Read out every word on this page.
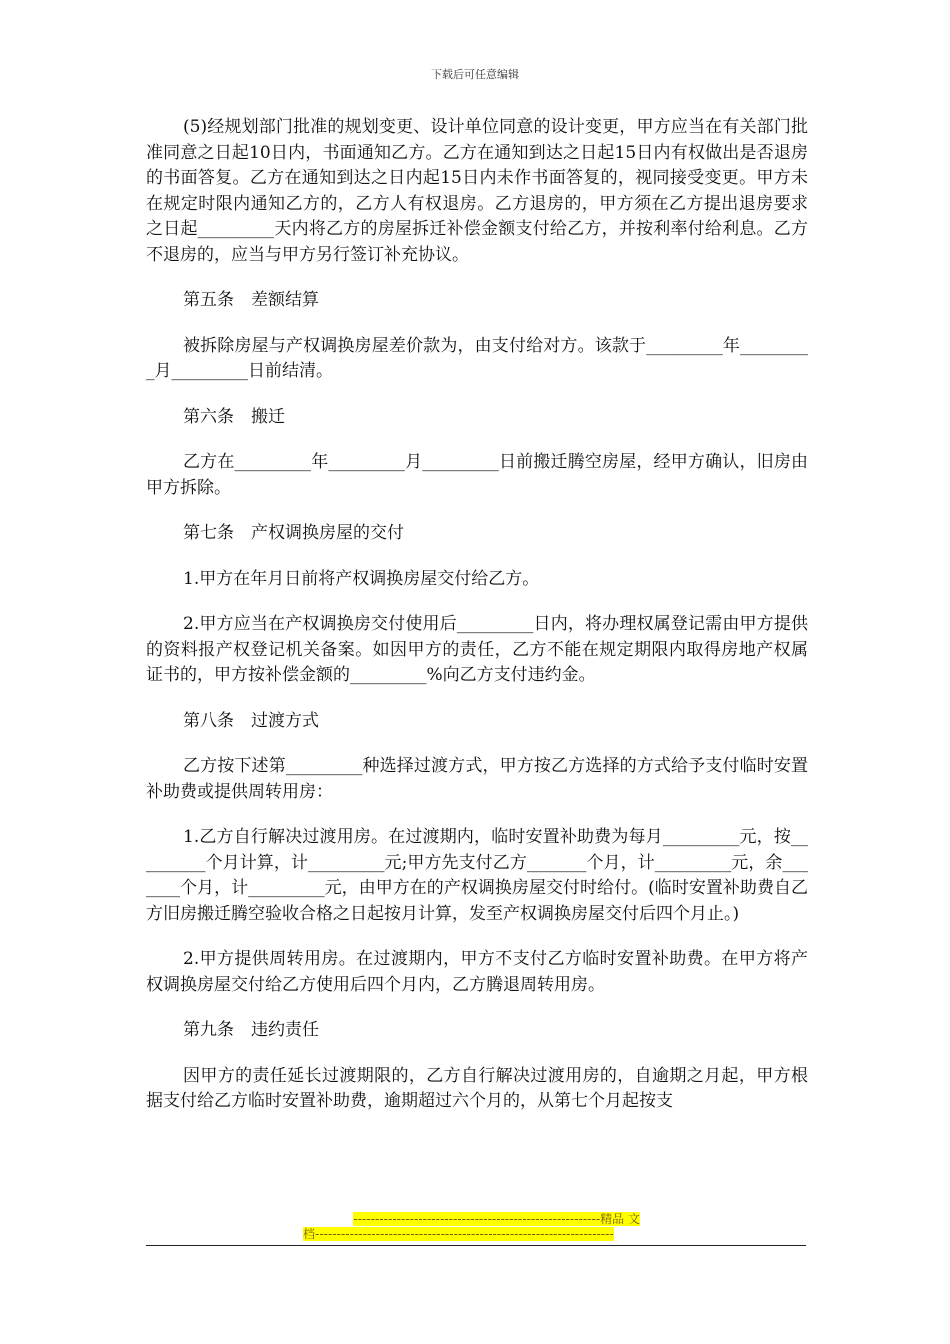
下载后可任意编辑

(5)经规划部门批准的规划变更、设计单位同意的设计变更，甲方应当在有关部门批准同意之日起10日内，书面通知乙方。乙方在通知到达之日起15日内有权做出是否退房的书面答复。乙方在通知到达之日内起15日内未作书面答复的，视同接受变更。甲方未在规定时限内通知乙方的，乙方人有权退房。乙方退房的，甲方须在乙方提出退房要求之日起_________天内将乙方的房屋拆迁补偿金额支付给乙方，并按利率付给利息。乙方不退房的，应当与甲方另行签订补充协议。

第五条　差额结算

被拆除房屋与产权调换房屋差价款为，由支付给对方。该款于_________年_________月_________日前结清。

第六条　搬迁

乙方在_________年_________月_________日前搬迁腾空房屋，经甲方确认，旧房由甲方拆除。

第七条　产权调换房屋的交付

1.甲方在年月日前将产权调换房屋交付给乙方。

2.甲方应当在产权调换房交付使用后_________日内，将办理权属登记需由甲方提供的资料报产权登记机关备案。如因甲方的责任，乙方不能在规定期限内取得房地产权属证书的，甲方按补偿金额的_________%向乙方支付违约金。

第八条　过渡方式

乙方按下述第_________种选择过渡方式，甲方按乙方选择的方式给予支付临时安置补助费或提供周转用房：

1.乙方自行解决过渡用房。在过渡期内，临时安置补助费为每月_________元，按_________个月计算，计_________元;甲方先支付乙方_______个月，计_________元，余_______个月，计_________元，由甲方在的产权调换房屋交付时给付。(临时安置补助费自乙方旧房搬迁腾空验收合格之日起按月计算，发至产权调换房屋交付后四个月止。)

2.甲方提供周转用房。在过渡期内，甲方不支付乙方临时安置补助费。在甲方将产权调换房屋交付给乙方使用后四个月内，乙方腾退周转用房。

第九条　违约责任

因甲方的责任延长过渡期限的，乙方自行解决过渡用房的，自逾期之月起，甲方根据支付给乙方临时安置补助费，逾期超过六个月的，从第七个月起按支

---------------------------------------------------------精品 文
档---------------------------------------------------------------------
